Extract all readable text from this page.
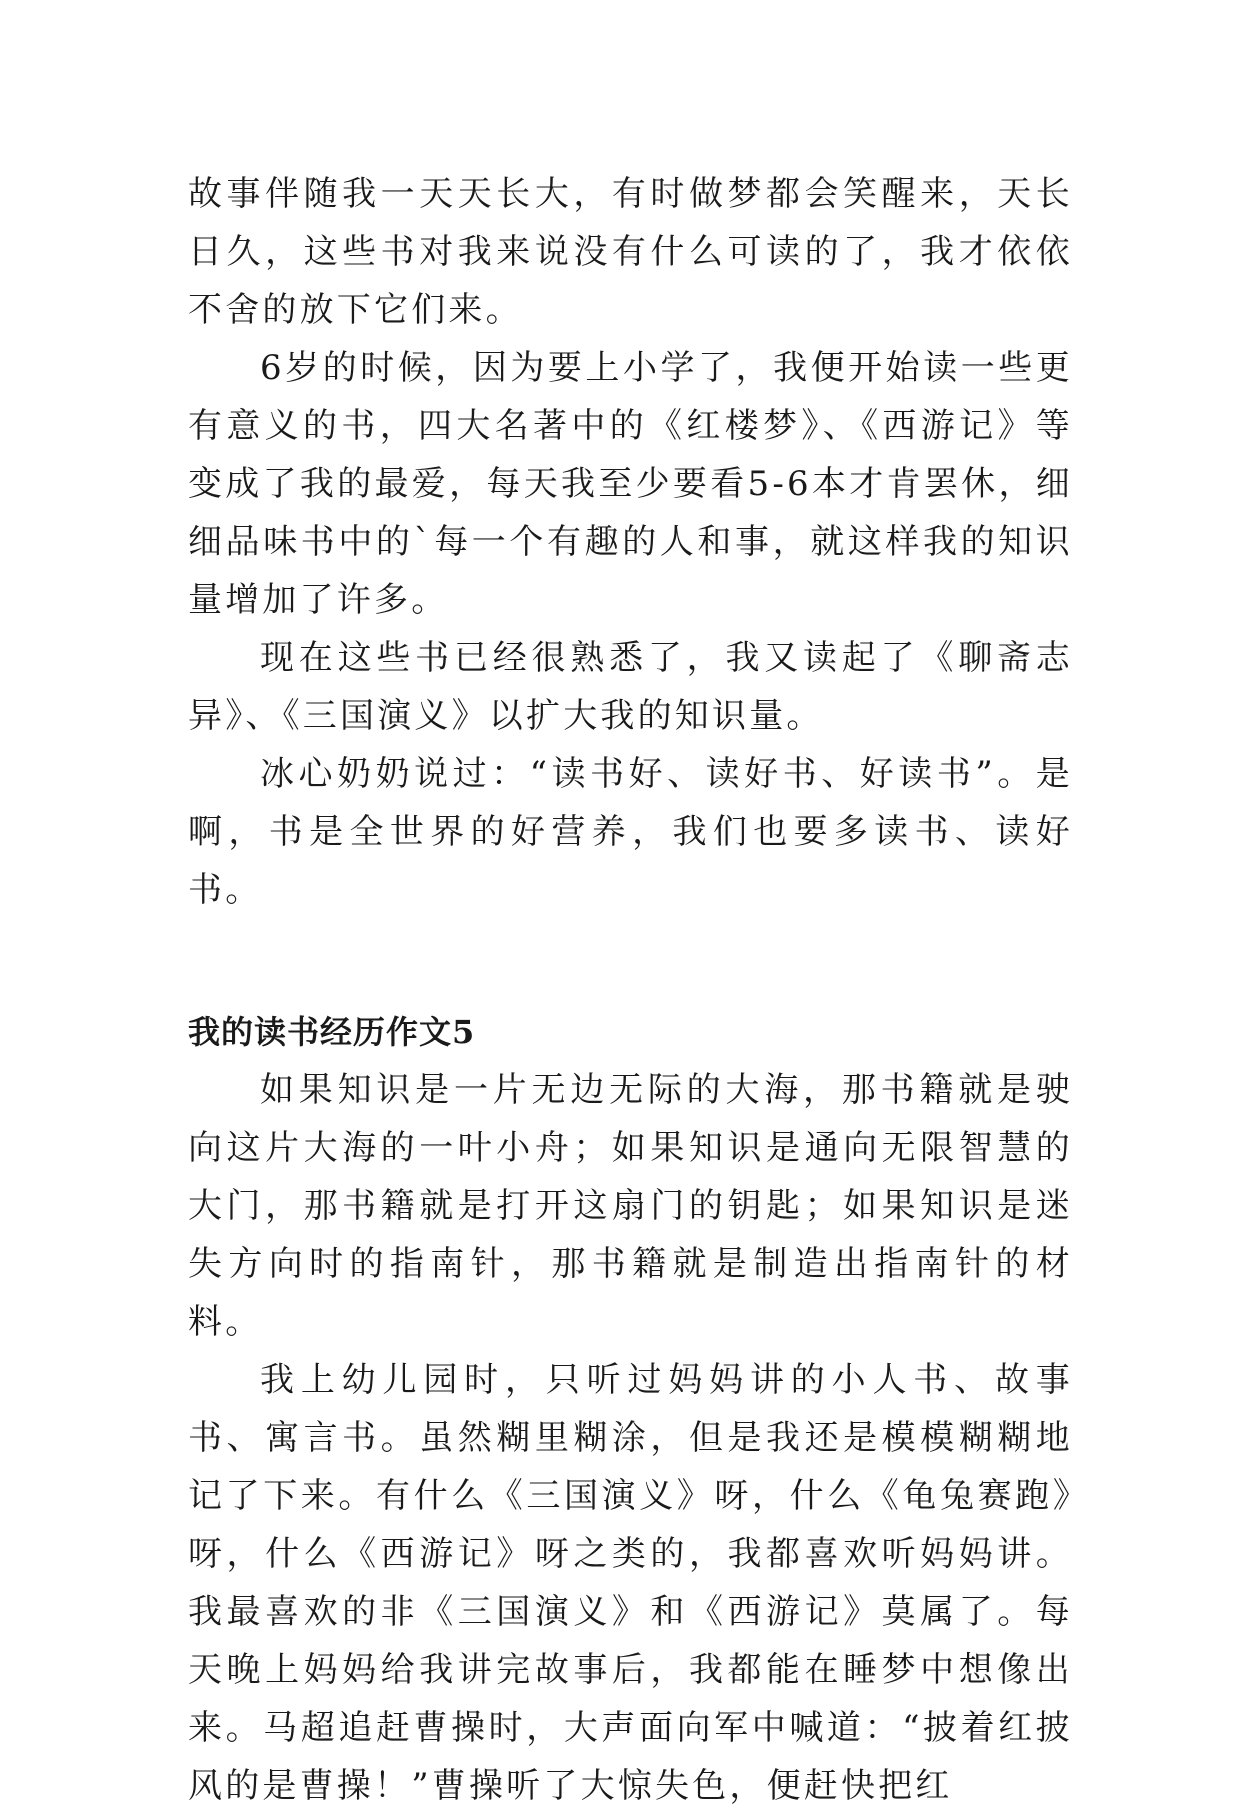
故事伴随我一天天长大，有时做梦都会笑醒来，天长日久，这些书对我来说没有什么可读的了，我才依依不舍的放下它们来。

6岁的时候，因为要上小学了，我便开始读一些更有意义的书，四大名著中的《红楼梦》、《西游记》等变成了我的最爱，每天我至少要看5-6本才肯罢休，细细品味书中的`每一个有趣的人和事，就这样我的知识量增加了许多。

现在这些书已经很熟悉了，我又读起了《聊斋志异》、《三国演义》以扩大我的知识量。

冰心奶奶说过：“读书好、读好书、好读书”。是啊，书是全世界的好营养，我们也要多读书、读好书。

我的读书经历作文5

如果知识是一片无边无际的大海，那书籍就是驶向这片大海的一叶小舟；如果知识是通向无限智慧的大门，那书籍就是打开这扇门的钥匙；如果知识是迷失方向时的指南针，那书籍就是制造出指南针的材料。

我上幼儿园时，只听过妈妈讲的小人书、故事书、寓言书。虽然糊里糊涂，但是我还是模模糊糊地记了下来。有什么《三国演义》呀，什么《龟兔赛跑》呀，什么《西游记》呀之类的，我都喜欢听妈妈讲。我最喜欢的非《三国演义》和《西游记》莫属了。每天晚上妈妈给我讲完故事后，我都能在睡梦中想像出来。马超追赶曹操时，大声面向军中喊道：“披着红披风的是曹操！”曹操听了大惊失色，便赶快把红
